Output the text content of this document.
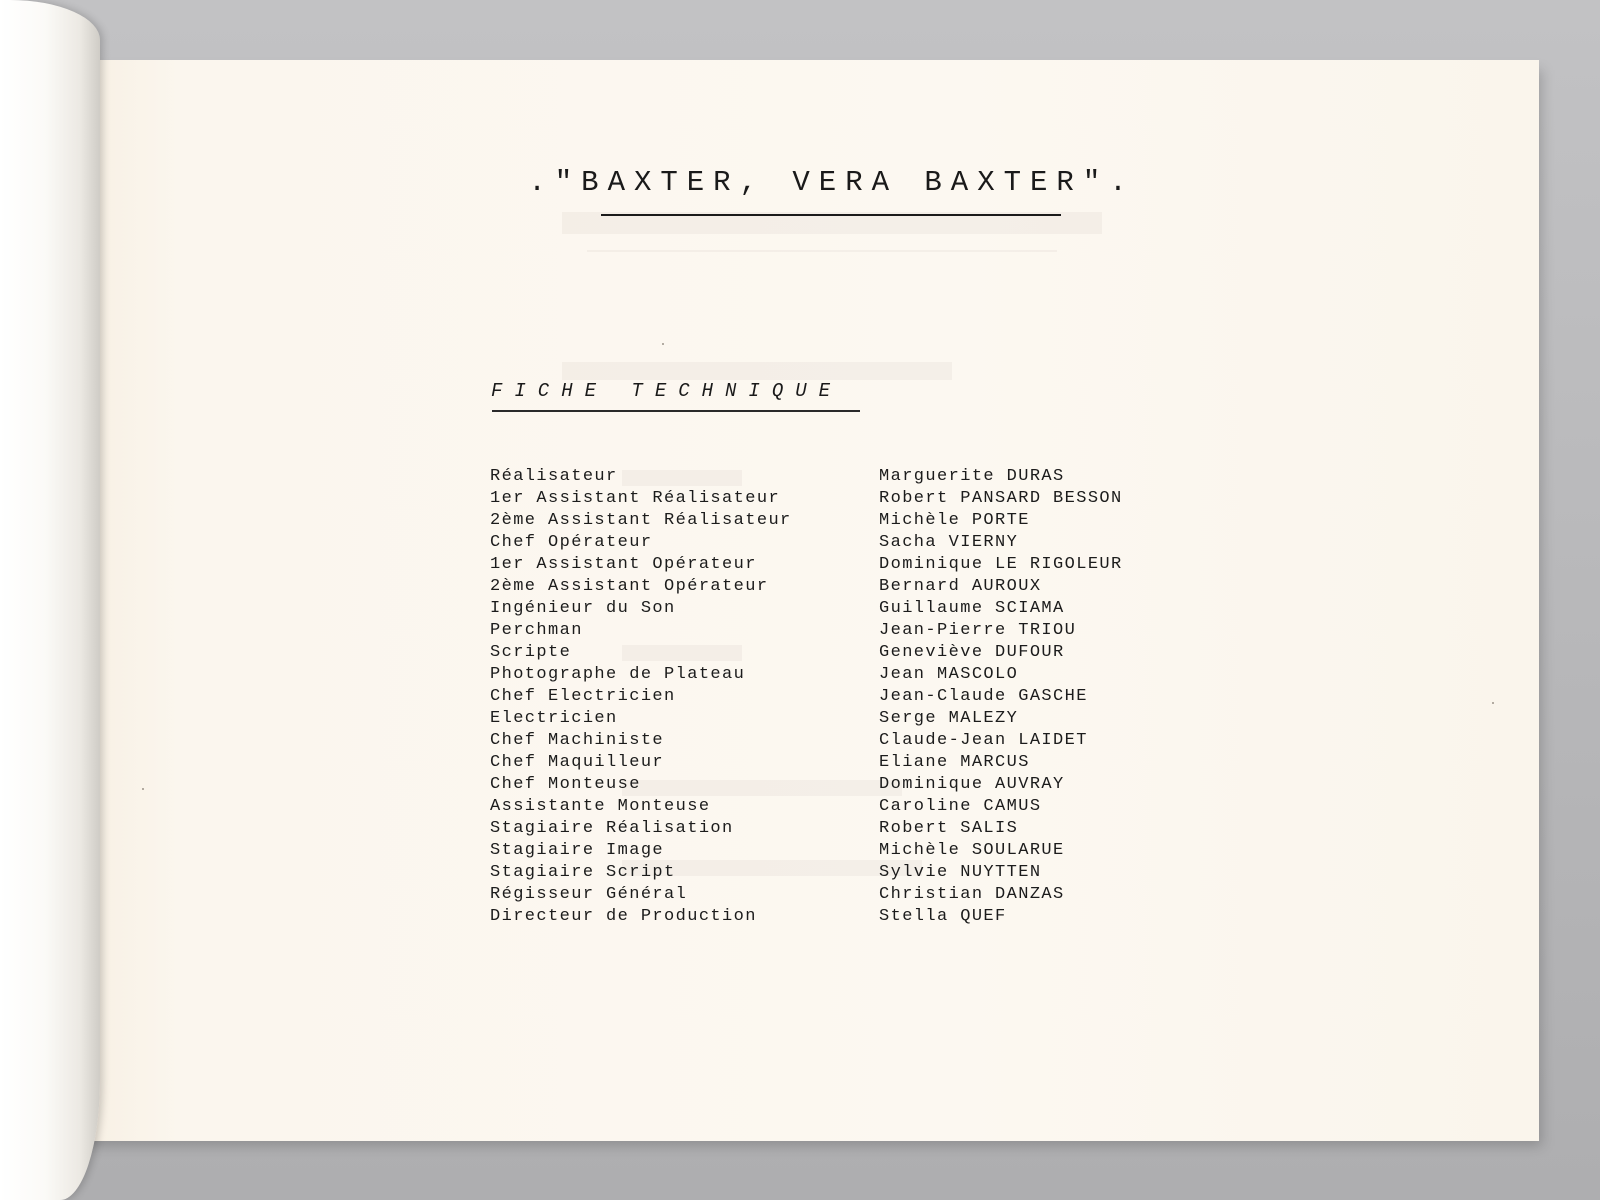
."BAXTER, VERA BAXTER".
FICHE TECHNIQUE
Réalisateur	Marguerite DURAS
1er Assistant Réalisateur	Robert PANSARD BESSON
2ème Assistant Réalisateur	Michèle PORTE
Chef Opérateur	Sacha VIERNY
1er Assistant Opérateur	Dominique LE RIGOLEUR
2ème Assistant Opérateur	Bernard AUROUX
Ingénieur du Son	Guillaume SCIAMA
Perchman	Jean-Pierre TRIOU
Scripte	Geneviève DUFOUR
Photographe de Plateau	Jean MASCOLO
Chef Electricien	Jean-Claude GASCHE
Electricien	Serge MALEZY
Chef Machiniste	Claude-Jean LAIDET
Chef Maquilleur	Eliane MARCUS
Chef Monteuse	Dominique AUVRAY
Assistante Monteuse	Caroline CAMUS
Stagiaire Réalisation	Robert SALIS
Stagiaire Image	Michèle SOULARUE
Stagiaire Script	Sylvie NUYTTEN
Régisseur Général	Christian DANZAS
Directeur de Production	Stella QUEF
